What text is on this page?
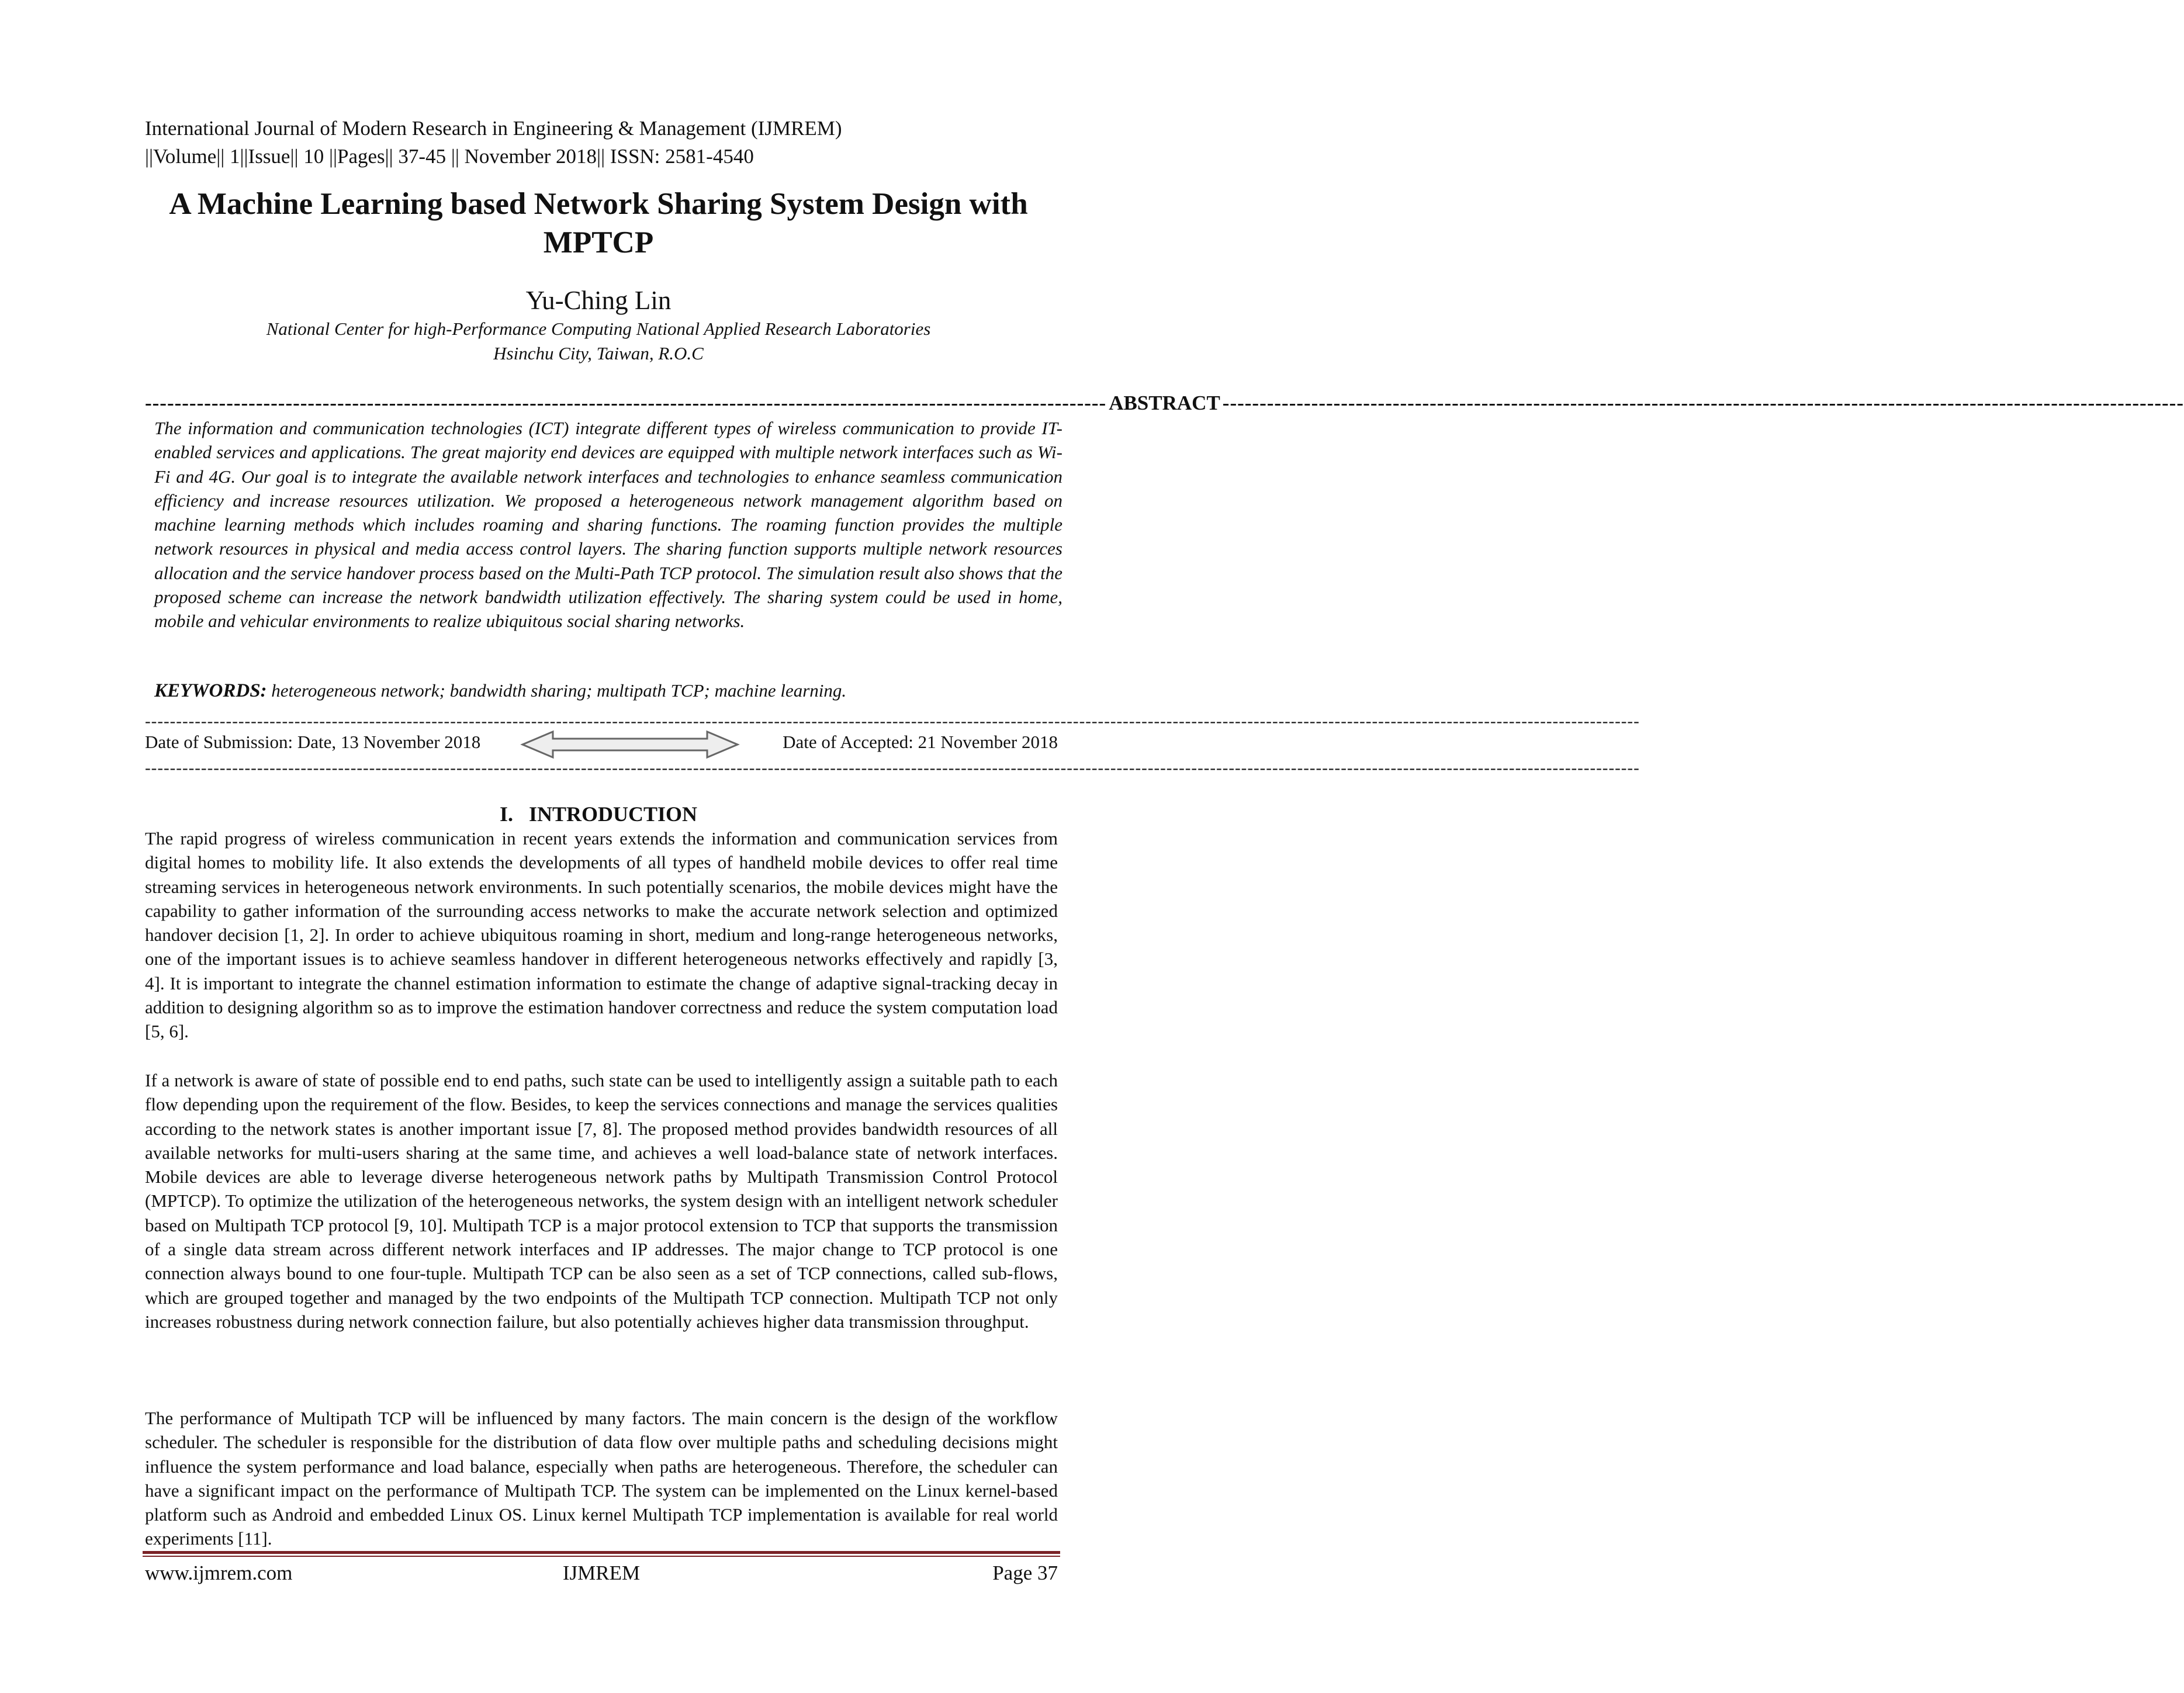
International Journal of Modern Research in Engineering & Management (IJMREM)
||Volume|| 1||Issue|| 10 ||Pages|| 37-45 || November 2018|| ISSN: 2581-4540
A Machine Learning based Network Sharing System Design with
MPTCP
Yu-Ching Lin
National Center for high-Performance Computing National Applied Research Laboratories
Hsinchu City, Taiwan, R.O.C
---------------------------------------------------------------------------------------------------------------------------------- ABSTRACT ----------------------------------------------------------------------------------------------------------------------------------
The information and communication technologies (ICT) integrate different types of wireless communication to provide IT-enabled services and applications. The great majority end devices are equipped with multiple network interfaces such as Wi-Fi and 4G. Our goal is to integrate the available network interfaces and technologies to enhance seamless communication efficiency and increase resources utilization. We proposed a heterogeneous network management algorithm based on machine learning methods which includes roaming and sharing functions. The roaming function provides the multiple network resources in physical and media access control layers. The sharing function supports multiple network resources allocation and the service handover process based on the Multi-Path TCP protocol. The simulation result also shows that the proposed scheme can increase the network bandwidth utilization effectively. The sharing system could be used in home, mobile and vehicular environments to realize ubiquitous social sharing networks.
KEYWORDS: heterogeneous network; bandwidth sharing; multipath TCP; machine learning.
------------------------------------------------------------------------------------------------------------------------------------------------------------------------------------------------------------------------------------------------
Date of Submission: Date, 13 November 2018	Date of Accepted: 21 November 2018
------------------------------------------------------------------------------------------------------------------------------------------------------------------------------------------------------------------------------------------------
I.   INTRODUCTION
The rapid progress of wireless communication in recent years extends the information and communication services from digital homes to mobility life. It also extends the developments of all types of handheld mobile devices to offer real time streaming services in heterogeneous network environments. In such potentially scenarios, the mobile devices might have the capability to gather information of the surrounding access networks to make the accurate network selection and optimized handover decision [1, 2]. In order to achieve ubiquitous roaming in short, medium and long-range heterogeneous networks, one of the important issues is to achieve seamless handover in different heterogeneous networks effectively and rapidly [3, 4]. It is important to integrate the channel estimation information to estimate the change of adaptive signal-tracking decay in addition to designing algorithm so as to improve the estimation handover correctness and reduce the system computation load [5, 6].
If a network is aware of state of possible end to end paths, such state can be used to intelligently assign a suitable path to each flow depending upon the requirement of the flow. Besides, to keep the services connections and manage the services qualities according to the network states is another important issue [7, 8]. The proposed method provides bandwidth resources of all available networks for multi-users sharing at the same time, and achieves a well load-balance state of network interfaces. Mobile devices are able to leverage diverse heterogeneous network paths by Multipath Transmission Control Protocol (MPTCP). To optimize the utilization of the heterogeneous networks, the system design with an intelligent network scheduler based on Multipath TCP protocol [9, 10]. Multipath TCP is a major protocol extension to TCP that supports the transmission of a single data stream across different network interfaces and IP addresses. The major change to TCP protocol is one connection always bound to one four-tuple. Multipath TCP can be also seen as a set of TCP connections, called sub-flows, which are grouped together and managed by the two endpoints of the Multipath TCP connection. Multipath TCP not only increases robustness during network connection failure, but also potentially achieves higher data transmission throughput.
The performance of Multipath TCP will be influenced by many factors. The main concern is the design of the workflow scheduler. The scheduler is responsible for the distribution of data flow over multiple paths and scheduling decisions might influence the system performance and load balance, especially when paths are heterogeneous. Therefore, the scheduler can have a significant impact on the performance of Multipath TCP. The system can be implemented on the Linux kernel-based platform such as Android and embedded Linux OS. Linux kernel Multipath TCP implementation is available for real world experiments [11].
www.ijmrem.com	IJMREM	Page 37
